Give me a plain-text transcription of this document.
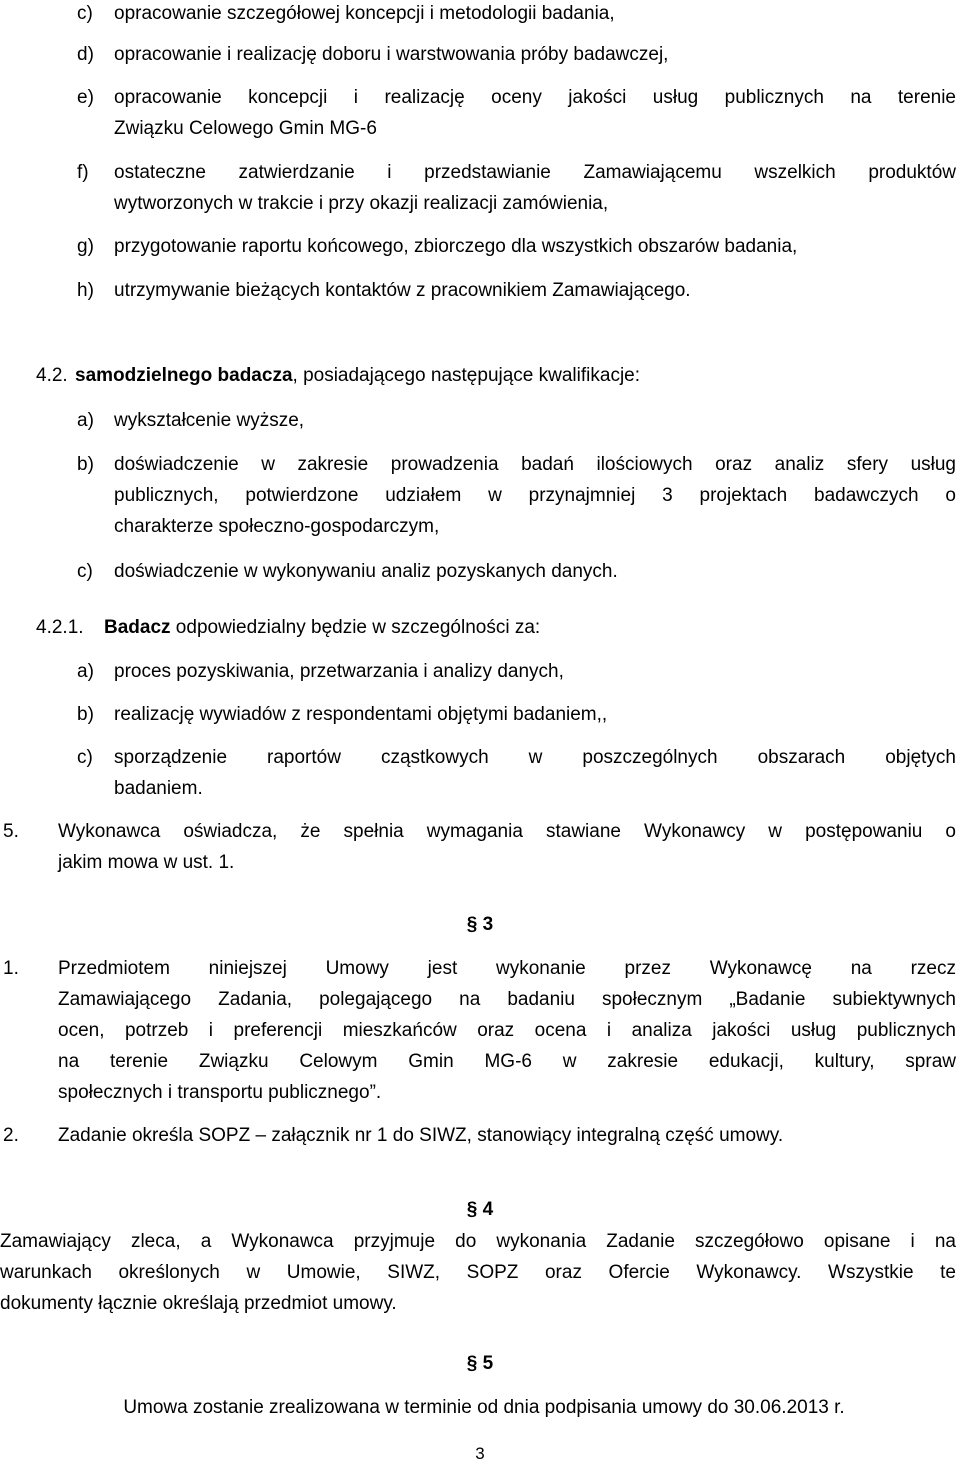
c) opracowanie szczegółowej koncepcji i metodologii badania,
d) opracowanie i realizację doboru i warstwowania próby badawczej,
e) opracowanie koncepcji i realizację oceny jakości usług publicznych na terenie
Związku Celowego Gmin MG-6
f) ostateczne zatwierdzanie i przedstawianie Zamawiającemu wszelkich produktów
wytworzonych w trakcie i przy okazji realizacji zamówienia,
g) przygotowanie raportu końcowego, zbiorczego dla wszystkich obszarów badania,
h) utrzymywanie bieżących kontaktów z pracownikiem Zamawiającego.
4.2. samodzielnego badacza, posiadającego następujące kwalifikacje:
a) wykształcenie wyższe,
b) doświadczenie w zakresie prowadzenia badań ilościowych oraz analiz sfery usług
publicznych, potwierdzone udziałem w przynajmniej 3 projektach badawczych o
charakterze społeczno-gospodarczym,
c) doświadczenie w wykonywaniu analiz pozyskanych danych.
4.2.1. Badacz odpowiedzialny będzie w szczególności za:
a) proces pozyskiwania, przetwarzania i analizy danych,
b) realizację wywiadów z respondentami objętymi badaniem,,
c) sporządzenie raportów cząstkowych w poszczególnych obszarach objętych
badaniem.
5. Wykonawca oświadcza, że spełnia wymagania stawiane Wykonawcy w postępowaniu o
jakim mowa w ust. 1.
§ 3
1. Przedmiotem niniejszej Umowy jest wykonanie przez Wykonawcę na rzecz
Zamawiającego Zadania, polegającego na badaniu społecznym „Badanie subiektywnych
ocen, potrzeb i preferencji mieszkańców oraz ocena i analiza jakości usług publicznych
na terenie Związku Celowym Gmin MG-6 w zakresie edukacji, kultury, spraw
społecznych i transportu publicznego”.
2. Zadanie określa SOPZ – załącznik nr 1 do SIWZ, stanowiący integralną część umowy.
§ 4
Zamawiający zleca, a Wykonawca przyjmuje do wykonania Zadanie szczegółowo opisane i na
warunkach określonych w Umowie, SIWZ, SOPZ oraz Ofercie Wykonawcy. Wszystkie te
dokumenty łącznie określają przedmiot umowy.
§ 5
Umowa zostanie zrealizowana w terminie od dnia podpisania umowy do 30.06.2013 r.
3
